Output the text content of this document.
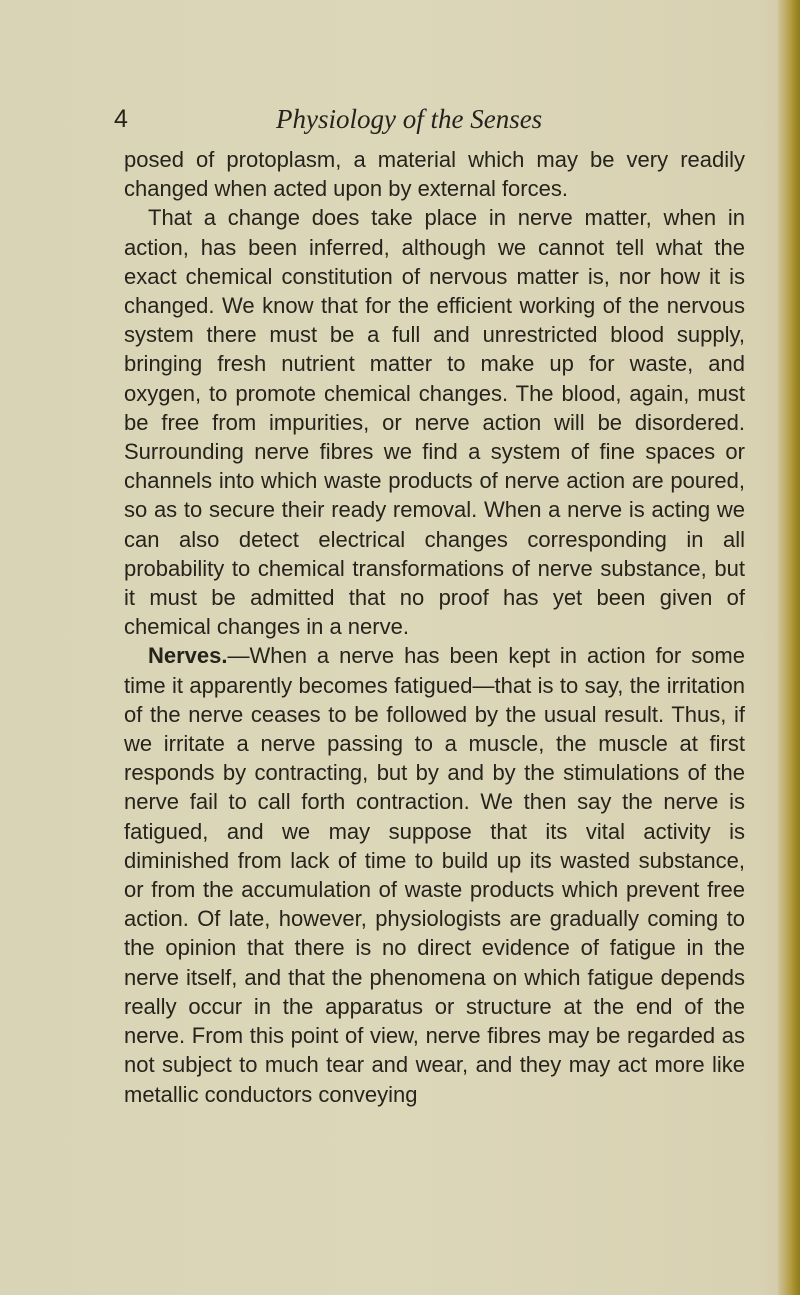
4	Physiology of the Senses

posed of protoplasm, a material which may be very readily changed when acted upon by external forces.

That a change does take place in nerve matter, when in action, has been inferred, although we cannot tell what the exact chemical constitution of nervous matter is, nor how it is changed. We know that for the efficient working of the nervous system there must be a full and unrestricted blood supply, bringing fresh nutrient matter to make up for waste, and oxygen, to promote chemical changes. The blood, again, must be free from impurities, or nerve action will be disordered. Surrounding nerve fibres we find a system of fine spaces or channels into which waste products of nerve action are poured, so as to secure their ready removal. When a nerve is acting we can also detect electrical changes corresponding in all probability to chemical transformations of nerve substance, but it must be admitted that no proof has yet been given of chemical changes in a nerve.

Nerves.—When a nerve has been kept in action for some time it apparently becomes fatigued—that is to say, the irritation of the nerve ceases to be followed by the usual result. Thus, if we irritate a nerve passing to a muscle, the muscle at first responds by contracting, but by and by the stimulations of the nerve fail to call forth contraction. We then say the nerve is fatigued, and we may suppose that its vital activity is diminished from lack of time to build up its wasted substance, or from the accumulation of waste products which prevent free action. Of late, however, physiologists are gradually coming to the opinion that there is no direct evidence of fatigue in the nerve itself, and that the phenomena on which fatigue depends really occur in the apparatus or structure at the end of the nerve. From this point of view, nerve fibres may be regarded as not subject to much tear and wear, and they may act more like metallic conductors conveying
